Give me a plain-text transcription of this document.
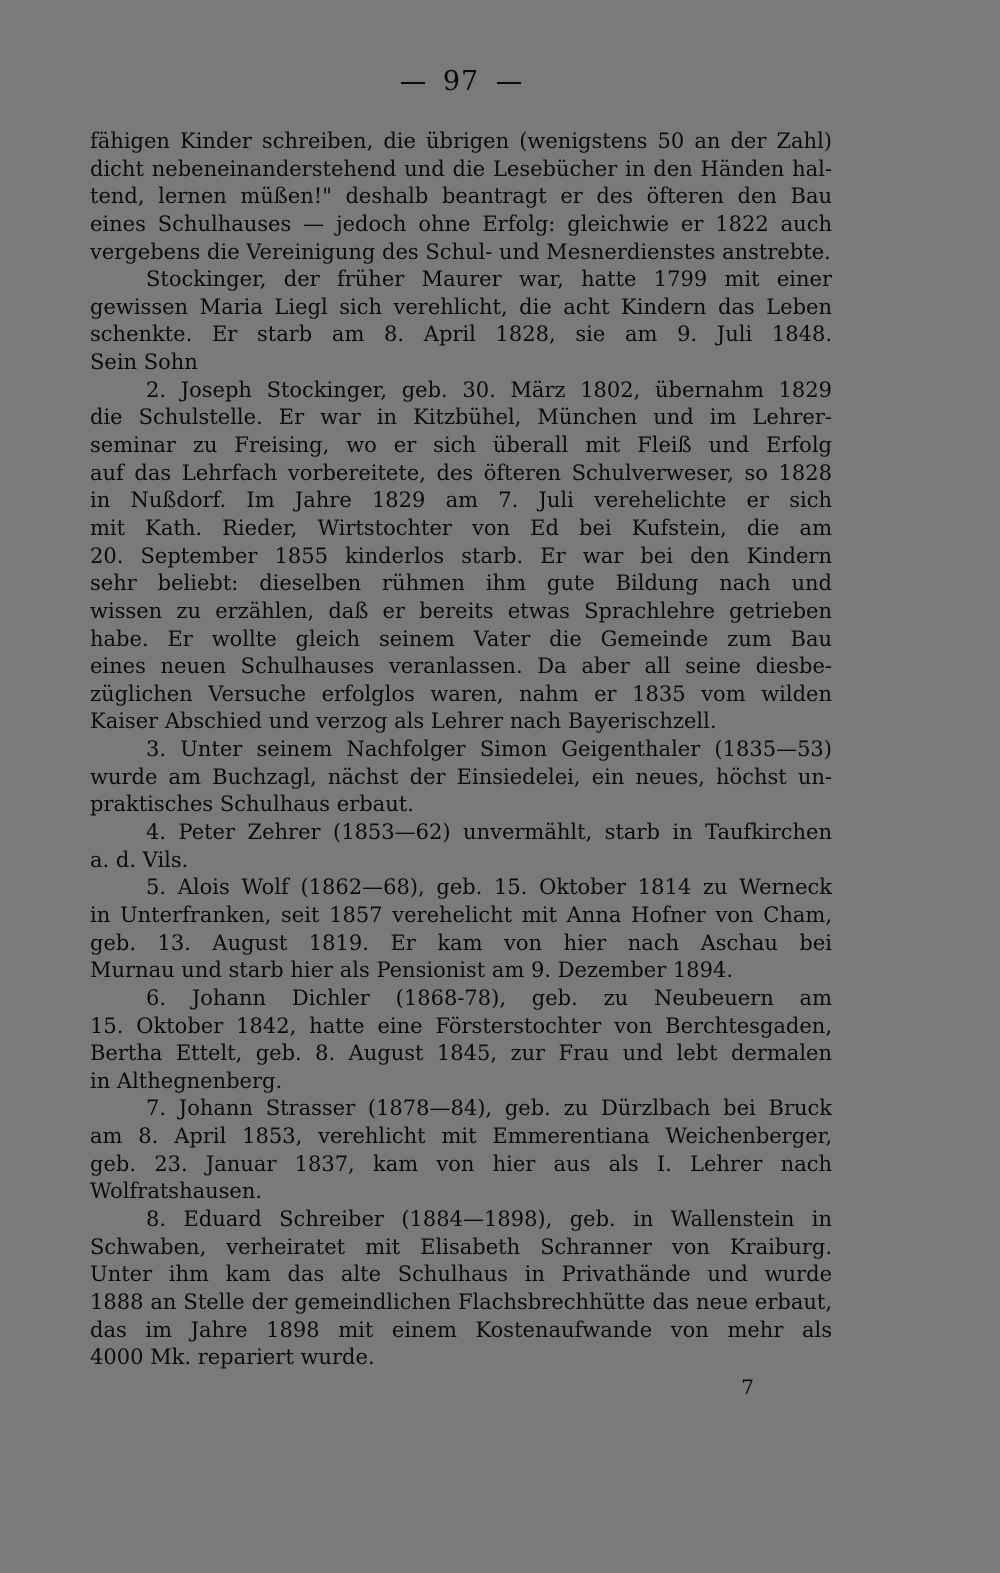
97
fähigen Kinder schreiben, die übrigen (wenigstens 50 an der Zahl)
dicht nebeneinanderstehend und die Lesebücher in den Händen hal-
tend, lernen müßen!" deshalb beantragt er des öfteren den Bau
eines Schulhauses — jedoch ohne Erfolg: gleichwie er 1822 auch
vergebens die Vereinigung des Schul- und Mesnerdienstes anstrebte.
Stockinger, der früher Maurer war, hatte 1799 mit einer
gewissen Maria Liegl sich verehlicht, die acht Kindern das Leben
schenkte. Er starb am 8. April 1828, sie am 9. Juli 1848.
Sein Sohn
2. Joseph Stockinger, geb. 30. März 1802, übernahm 1829
die Schulstelle. Er war in Kitzbühel, München und im Lehrer-
seminar zu Freising, wo er sich überall mit Fleiß und Erfolg
auf das Lehrfach vorbereitete, des öfteren Schulverweser, so 1828
in Nußdorf. Im Jahre 1829 am 7. Juli verehelichte er sich
mit Kath. Rieder, Wirtstochter von Ed bei Kufstein, die am
20. September 1855 kinderlos starb. Er war bei den Kindern
sehr beliebt: dieselben rühmen ihm gute Bildung nach und
wissen zu erzählen, daß er bereits etwas Sprachlehre getrieben
habe. Er wollte gleich seinem Vater die Gemeinde zum Bau
eines neuen Schulhauses veranlassen. Da aber all seine diesbe-
züglichen Versuche erfolglos waren, nahm er 1835 vom wilden
Kaiser Abschied und verzog als Lehrer nach Bayerischzell.
3. Unter seinem Nachfolger Simon Geigenthaler (1835—53)
wurde am Buchzagl, nächst der Einsiedelei, ein neues, höchst un-
praktisches Schulhaus erbaut.
4. Peter Zehrer (1853—62) unvermählt, starb in Taufkirchen
a. d. Vils.
5. Alois Wolf (1862—68), geb. 15. Oktober 1814 zu Werneck
in Unterfranken, seit 1857 verehelicht mit Anna Hofner von Cham,
geb. 13. August 1819. Er kam von hier nach Aschau bei
Murnau und starb hier als Pensionist am 9. Dezember 1894.
6. Johann Dichler (1868-78), geb. zu Neubeuern am
15. Oktober 1842, hatte eine Försterstochter von Berchtesgaden,
Bertha Ettelt, geb. 8. August 1845, zur Frau und lebt dermalen
in Althegnenberg.
7. Johann Strasser (1878—84), geb. zu Dürzlbach bei Bruck
am 8. April 1853, verehlicht mit Emmerentiana Weichenberger,
geb. 23. Januar 1837, kam von hier aus als I. Lehrer nach
Wolfratshausen.
8. Eduard Schreiber (1884—1898), geb. in Wallenstein in
Schwaben, verheiratet mit Elisabeth Schranner von Kraiburg.
Unter ihm kam das alte Schulhaus in Privathände und wurde
1888 an Stelle der gemeindlichen Flachsbrechhütte das neue erbaut,
das im Jahre 1898 mit einem Kostenaufwande von mehr als
4000 Mk. repariert wurde.
7
